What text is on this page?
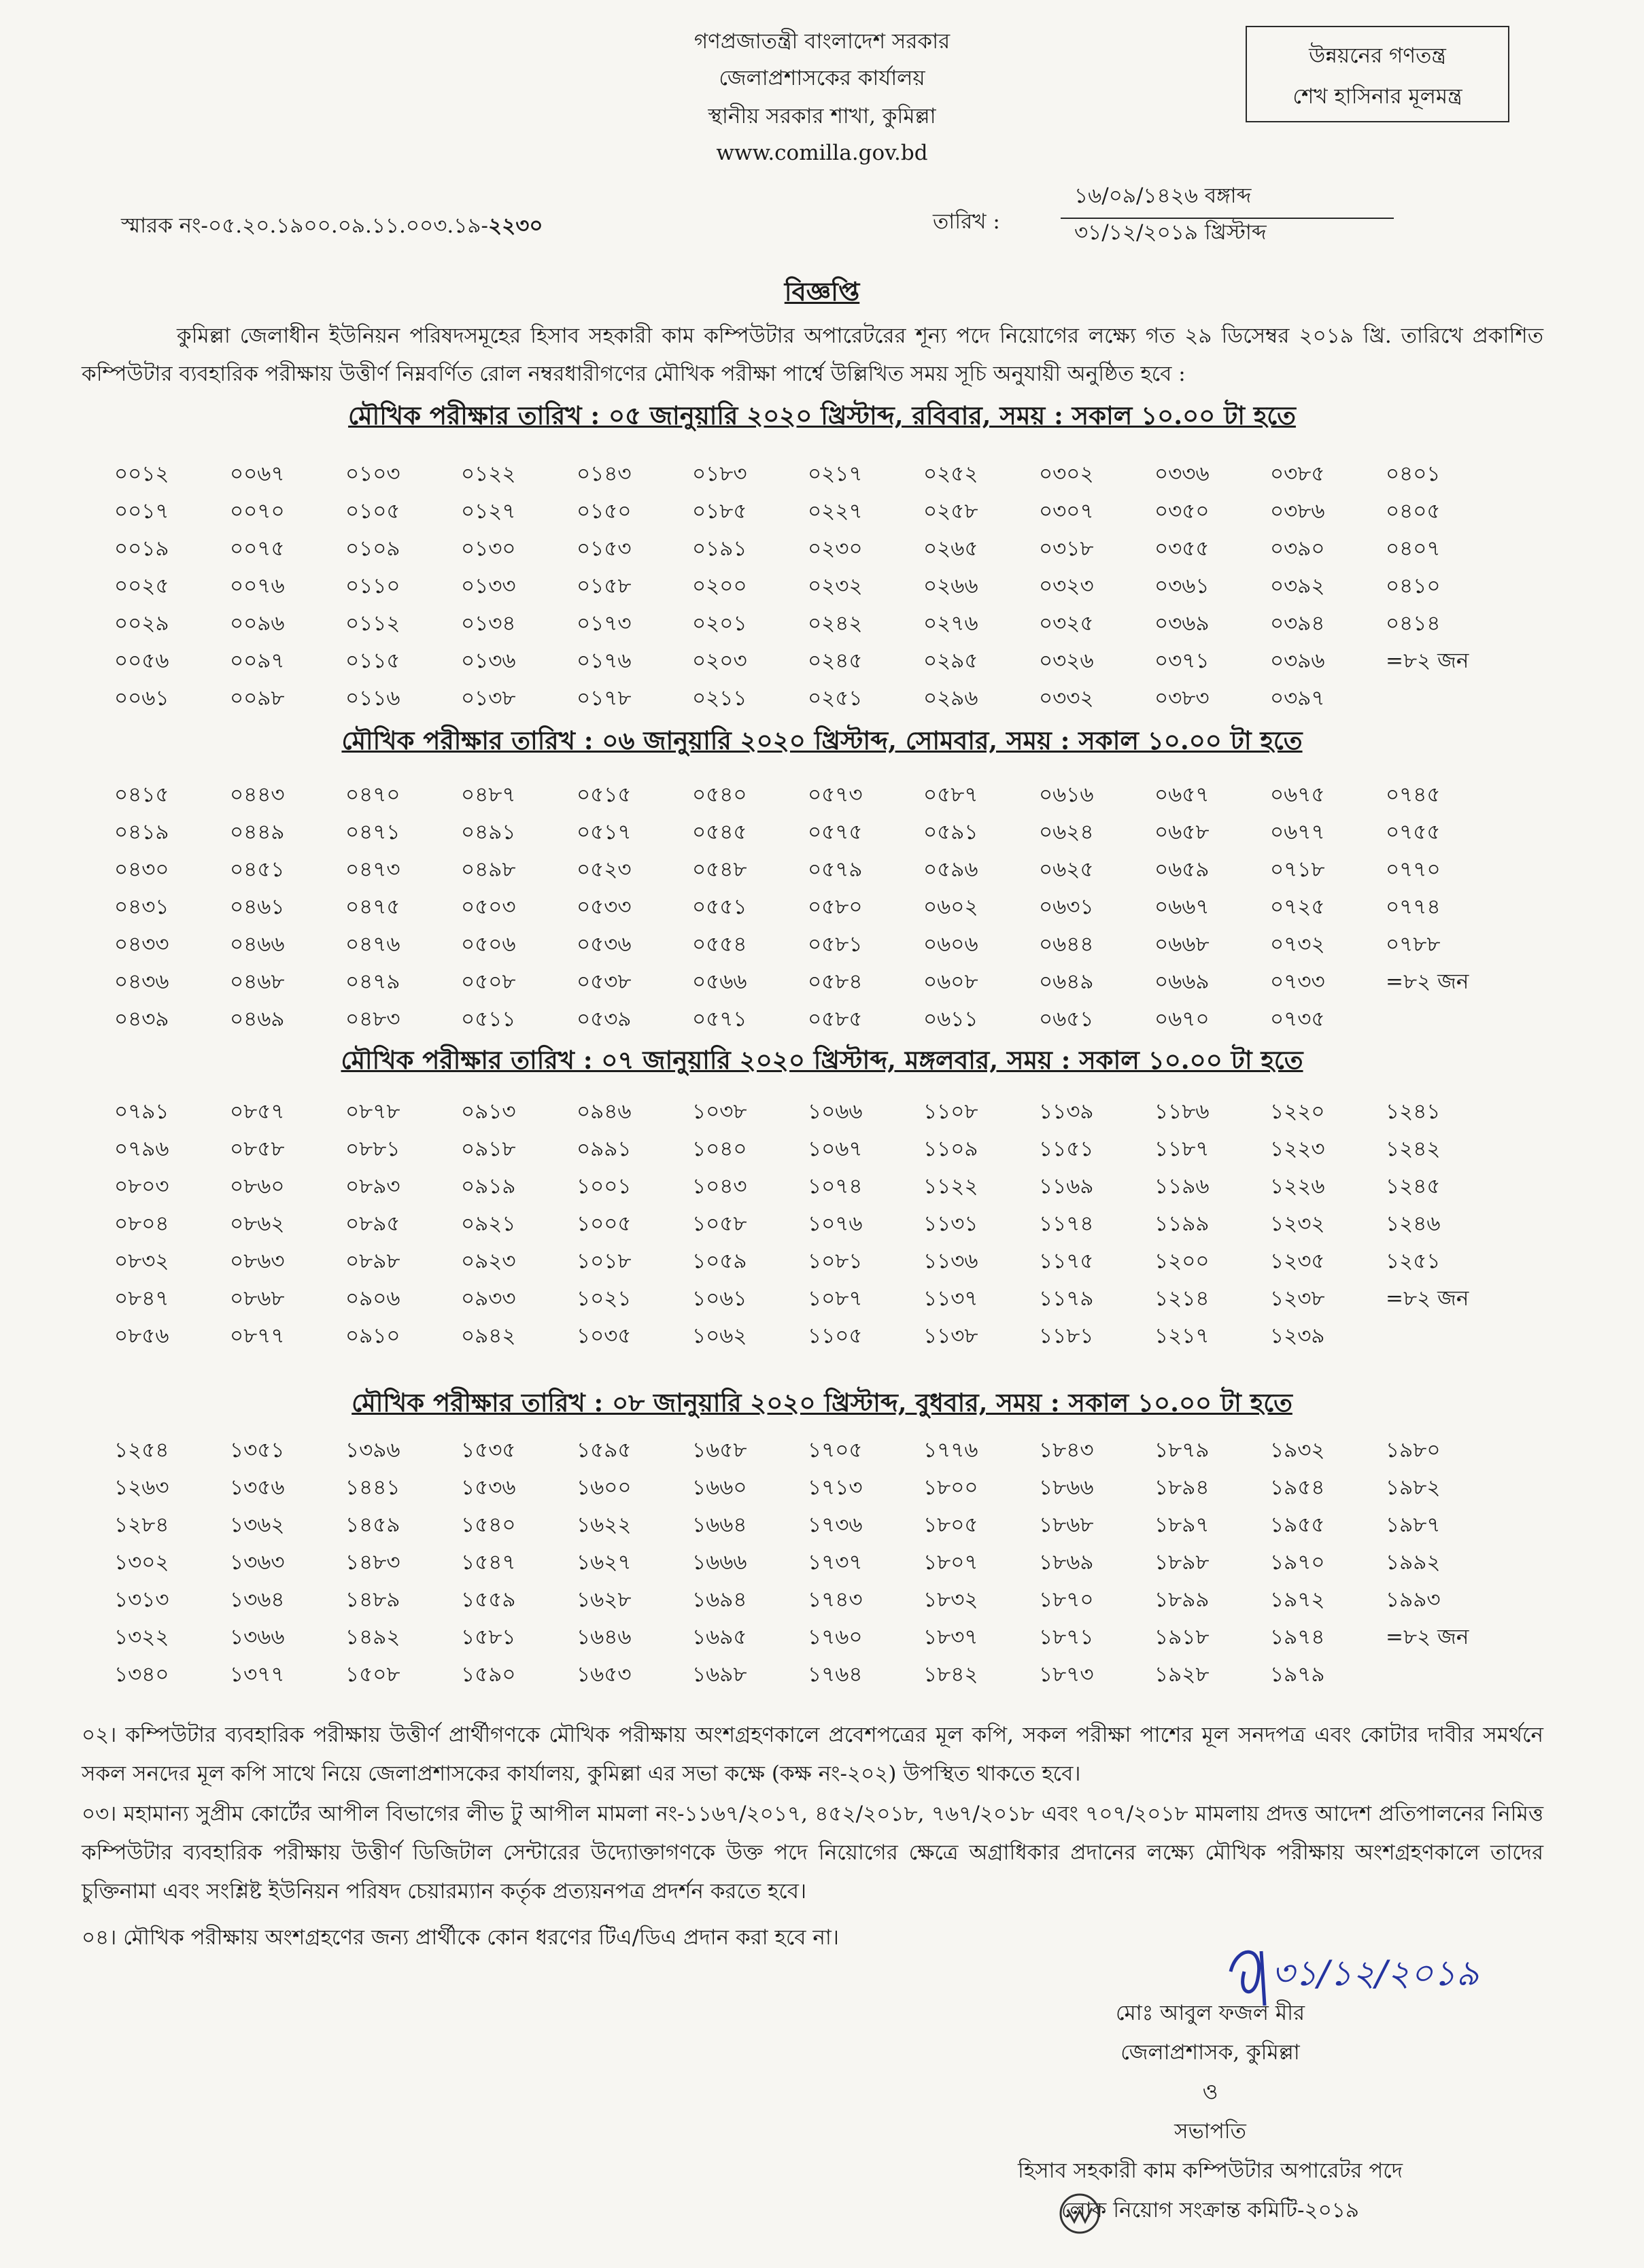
গণপ্রজাতন্ত্রী বাংলাদেশ সরকার
জেলাপ্রশাসকের কার্যালয়
স্থানীয় সরকার শাখা, কুমিল্লা
www.comilla.gov.bd
উন্নয়নের গণতন্ত্র
শেখ হাসিনার মূলমন্ত্র
স্মারক নং-০৫.২০.১৯০০.০৯.১১.০০৩.১৯-২২৩০	তারিখ :
১৬/০৯/১৪২৬ বঙ্গাব্দ
৩১/১২/২০১৯ খ্রিস্টাব্দ
বিজ্ঞপ্তি
কুমিল্লা জেলাধীন ইউনিয়ন পরিষদসমূহের হিসাব সহকারী কাম কম্পিউটার অপারেটরের শূন্য পদে নিয়োগের লক্ষ্যে গত ২৯ ডিসেম্বর ২০১৯ খ্রি. তারিখে প্রকাশিত কম্পিউটার ব্যবহারিক পরীক্ষায় উত্তীর্ণ নিম্নবর্ণিত রোল নম্বরধারীগণের মৌখিক পরীক্ষা পার্শ্বে উল্লিখিত সময় সূচি অনুযায়ী অনুষ্ঠিত হবে :
মৌখিক পরীক্ষার তারিখ : ০৫ জানুয়ারি ২০২০ খ্রিস্টাব্দ, রবিবার, সময় : সকাল ১০.০০ টা হতে
০০১২	০০৬৭	০১০৩	০১২২	০১৪৩	০১৮৩	০২১৭	০২৫২	০৩০২	০৩৩৬	০৩৮৫	০৪০১
০০১৭	০০৭০	০১০৫	০১২৭	০১৫০	০১৮৫	০২২৭	০২৫৮	০৩০৭	০৩৫০	০৩৮৬	০৪০৫
০০১৯	০০৭৫	০১০৯	০১৩০	০১৫৩	০১৯১	০২৩০	০২৬৫	০৩১৮	০৩৫৫	০৩৯০	০৪০৭
০০২৫	০০৭৬	০১১০	০১৩৩	০১৫৮	০২০০	০২৩২	০২৬৬	০৩২৩	০৩৬১	০৩৯২	০৪১০
০০২৯	০০৯৬	০১১২	০১৩৪	০১৭৩	০২০১	০২৪২	০২৭৬	০৩২৫	০৩৬৯	০৩৯৪	০৪১৪
০০৫৬	০০৯৭	০১১৫	০১৩৬	০১৭৬	০২০৩	০২৪৫	০২৯৫	০৩২৬	০৩৭১	০৩৯৬	=৮২ জন
০০৬১	০০৯৮	০১১৬	০১৩৮	০১৭৮	০২১১	০২৫১	০২৯৬	০৩৩২	০৩৮৩	০৩৯৭
মৌখিক পরীক্ষার তারিখ : ০৬ জানুয়ারি ২০২০ খ্রিস্টাব্দ, সোমবার, সময় : সকাল ১০.০০ টা হতে
০৪১৫	০৪৪৩	০৪৭০	০৪৮৭	০৫১৫	০৫৪০	০৫৭৩	০৫৮৭	০৬১৬	০৬৫৭	০৬৭৫	০৭৪৫
০৪১৯	০৪৪৯	০৪৭১	০৪৯১	০৫১৭	০৫৪৫	০৫৭৫	০৫৯১	০৬২৪	০৬৫৮	০৬৭৭	০৭৫৫
০৪৩০	০৪৫১	০৪৭৩	০৪৯৮	০৫২৩	০৫৪৮	০৫৭৯	০৫৯৬	০৬২৫	০৬৫৯	০৭১৮	০৭৭০
০৪৩১	০৪৬১	০৪৭৫	০৫০৩	০৫৩৩	০৫৫১	০৫৮০	০৬০২	০৬৩১	০৬৬৭	০৭২৫	০৭৭৪
০৪৩৩	০৪৬৬	০৪৭৬	০৫০৬	০৫৩৬	০৫৫৪	০৫৮১	০৬০৬	০৬৪৪	০৬৬৮	০৭৩২	০৭৮৮
০৪৩৬	০৪৬৮	০৪৭৯	০৫০৮	০৫৩৮	০৫৬৬	০৫৮৪	০৬০৮	০৬৪৯	০৬৬৯	০৭৩৩	=৮২ জন
০৪৩৯	০৪৬৯	০৪৮৩	০৫১১	০৫৩৯	০৫৭১	০৫৮৫	০৬১১	০৬৫১	০৬৭০	০৭৩৫
মৌখিক পরীক্ষার তারিখ : ০৭ জানুয়ারি ২০২০ খ্রিস্টাব্দ, মঙ্গলবার, সময় : সকাল ১০.০০ টা হতে
০৭৯১	০৮৫৭	০৮৭৮	০৯১৩	০৯৪৬	১০৩৮	১০৬৬	১১০৮	১১৩৯	১১৮৬	১২২০	১২৪১
০৭৯৬	০৮৫৮	০৮৮১	০৯১৮	০৯৯১	১০৪০	১০৬৭	১১০৯	১১৫১	১১৮৭	১২২৩	১২৪২
০৮০৩	০৮৬০	০৮৯৩	০৯১৯	১০০১	১০৪৩	১০৭৪	১১২২	১১৬৯	১১৯৬	১২২৬	১২৪৫
০৮০৪	০৮৬২	০৮৯৫	০৯২১	১০০৫	১০৫৮	১০৭৬	১১৩১	১১৭৪	১১৯৯	১২৩২	১২৪৬
০৮৩২	০৮৬৩	০৮৯৮	০৯২৩	১০১৮	১০৫৯	১০৮১	১১৩৬	১১৭৫	১২০০	১২৩৫	১২৫১
০৮৪৭	০৮৬৮	০৯০৬	০৯৩৩	১০২১	১০৬১	১০৮৭	১১৩৭	১১৭৯	১২১৪	১২৩৮	=৮২ জন
০৮৫৬	০৮৭৭	০৯১০	০৯৪২	১০৩৫	১০৬২	১১০৫	১১৩৮	১১৮১	১২১৭	১২৩৯
মৌখিক পরীক্ষার তারিখ : ০৮ জানুয়ারি ২০২০ খ্রিস্টাব্দ, বুধবার, সময় : সকাল ১০.০০ টা হতে
১২৫৪	১৩৫১	১৩৯৬	১৫৩৫	১৫৯৫	১৬৫৮	১৭০৫	১৭৭৬	১৮৪৩	১৮৭৯	১৯৩২	১৯৮০
১২৬৩	১৩৫৬	১৪৪১	১৫৩৬	১৬০০	১৬৬০	১৭১৩	১৮০০	১৮৬৬	১৮৯৪	১৯৫৪	১৯৮২
১২৮৪	১৩৬২	১৪৫৯	১৫৪০	১৬২২	১৬৬৪	১৭৩৬	১৮০৫	১৮৬৮	১৮৯৭	১৯৫৫	১৯৮৭
১৩০২	১৩৬৩	১৪৮৩	১৫৪৭	১৬২৭	১৬৬৬	১৭৩৭	১৮০৭	১৮৬৯	১৮৯৮	১৯৭০	১৯৯২
১৩১৩	১৩৬৪	১৪৮৯	১৫৫৯	১৬২৮	১৬৯৪	১৭৪৩	১৮৩২	১৮৭০	১৮৯৯	১৯৭২	১৯৯৩
১৩২২	১৩৬৬	১৪৯২	১৫৮১	১৬৪৬	১৬৯৫	১৭৬০	১৮৩৭	১৮৭১	১৯১৮	১৯৭৪	=৮২ জন
১৩৪০	১৩৭৭	১৫০৮	১৫৯০	১৬৫৩	১৬৯৮	১৭৬৪	১৮৪২	১৮৭৩	১৯২৮	১৯৭৯
০২। কম্পিউটার ব্যবহারিক পরীক্ষায় উত্তীর্ণ প্রার্থীগণকে মৌখিক পরীক্ষায় অংশগ্রহণকালে প্রবেশপত্রের মূল কপি, সকল পরীক্ষা পাশের মূল সনদপত্র এবং কোটার দাবীর সমর্থনে সকল সনদের মূল কপি সাথে নিয়ে জেলাপ্রশাসকের কার্যালয়, কুমিল্লা এর সভা কক্ষে (কক্ষ নং-২০২) উপস্থিত থাকতে হবে।
০৩। মহামান্য সুপ্রীম কোর্টের আপীল বিভাগের লীভ টু আপীল মামলা নং-১১৬৭/২০১৭, ৪৫২/২০১৮, ৭৬৭/২০১৮ এবং ৭০৭/২০১৮ মামলায় প্রদত্ত আদেশ প্রতিপালনের নিমিত্ত কম্পিউটার ব্যবহারিক পরীক্ষায় উত্তীর্ণ ডিজিটাল সেন্টারের উদ্যোক্তাগণকে উক্ত পদে নিয়োগের ক্ষেত্রে অগ্রাধিকার প্রদানের লক্ষ্যে মৌখিক পরীক্ষায় অংশগ্রহণকালে তাদের চুক্তিনামা এবং সংশ্লিষ্ট ইউনিয়ন পরিষদ চেয়ারম্যান কর্তৃক প্রত্যয়নপত্র প্রদর্শন করতে হবে।
০৪। মৌখিক পরীক্ষায় অংশগ্রহণের জন্য প্রার্থীকে কোন ধরণের টিএ/ডিএ প্রদান করা হবে না।
৩১/১২/২০১৯
মোঃ আবুল ফজল মীর
জেলাপ্রশাসক, কুমিল্লা
ও
সভাপতি
হিসাব সহকারী কাম কম্পিউটার অপারেটর পদে
লোক নিয়োগ সংক্রান্ত কমিটি-২০১৯
